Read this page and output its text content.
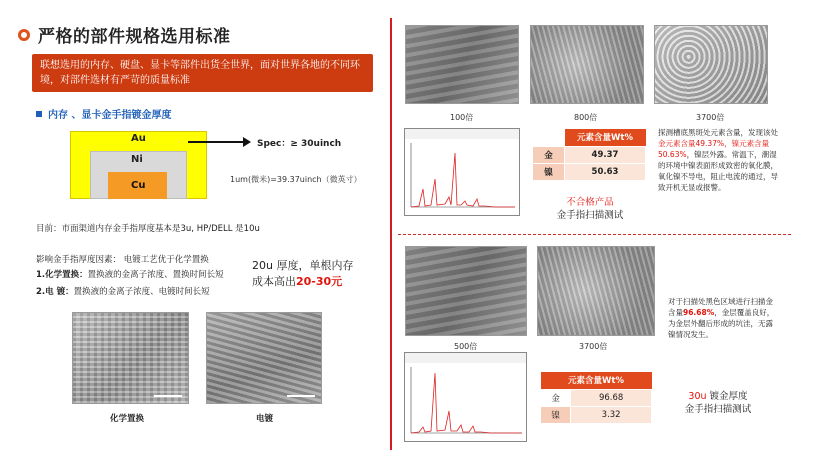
严格的部件规格选用标准
联想选用的内存、硬盘、显卡等部件出货全世界，面对世界各地的不同环境，对部件选材有严苛的质量标准
内存 、显卡金手指镀金厚度
Au
Ni
Cu
Spec：≥ 30uinch
1um(微米)=39.37uinch（微英寸）
目前：市面渠道内存金手指厚度基本是3u, HP/DELL 是10u
影响金手指厚度因素： 电镀工艺优于化学置换
1.化学置换：置换液的金离子浓度、置换时间长短
2.电 镀：置换液的金离子浓度、电镀时间长短
20u 厚度，单根内存
成本高出20-30元
化学置换	电镀
100倍	800倍	3700倍
	元素含量Wt%
金	49.37
镍	50.63
不合格产品
金手指扫描测试
探测槽底黑斑处元素含量，发现该处金元素含量49.37%，镍元素含量50.63%，镍层外露。常温下，潮湿的环境中镍表面形成致密的氧化膜，氧化镍不导电，阻止电流的通过，导致开机无显或报警。
500倍	3700倍
元素含量Wt%	
金	96.68
镍	3.32
对于扫描处黑色区域进行扫描金含量96.68%，金层覆盖良好，为金层外翻后形成的坑洼，无露镍情况发生。
30u 镀金厚度
金手指扫描测试
